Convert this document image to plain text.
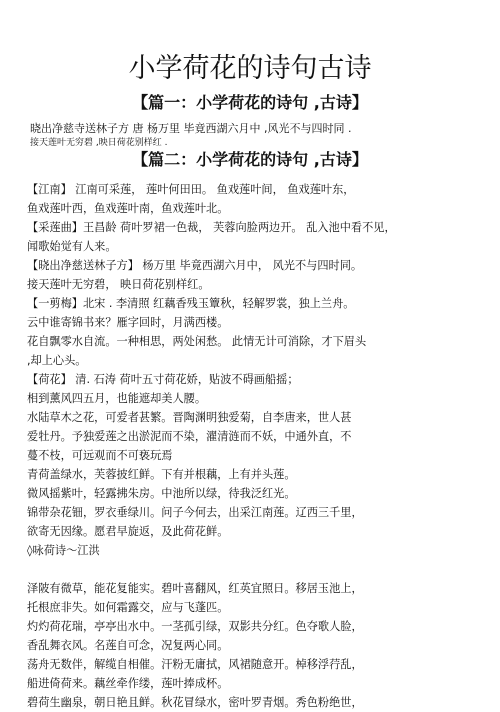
小学荷花的诗句古诗
【篇一：小学荷花的诗句 ,古诗】
晓出净慈寺送林子方 唐 杨万里 毕竟西湖六月中 ,风光不与四时同 .
接天莲叶无穷碧 ,映日荷花别样红 .
【篇二：小学荷花的诗句 ,古诗】
【江南】 江南可采莲， 莲叶何田田。 鱼戏莲叶间， 鱼戏莲叶东，
鱼戏莲叶西，鱼戏莲叶南，鱼戏莲叶北。
【采莲曲】王昌龄 荷叶罗裙一色裁， 芙蓉向脸两边开。 乱入池中看不见，
闻歌始觉有人来。
【晓出净慈送林子方】 杨万里 毕竟西湖六月中， 风光不与四时同。
接天莲叶无穷碧， 映日荷花别样红。
【一剪梅】北宋 . 李清照 红藕香残玉簟秋，轻解罗裳，独上兰舟。
云中谁寄锦书来？雁字回时，月满西楼。
花自飘零水自流。一种相思，两处闲愁。 此情无计可消除，才下眉头
,却上心头。
【荷花】 清. 石涛 荷叶五寸荷花娇，贴波不碍画船摇；
相到薰风四五月，也能遮却美人腰。
水陆草木之花，可爱者甚繁。晋陶渊明独爱菊，自李唐来，世人甚
爱牡丹。予独爱莲之出淤泥而不染，濯清涟而不妖，中通外直，不
蔓不枝，可远观而不可亵玩焉
青荷盖绿水，芙蓉披红鲜。下有并根藕，上有并头莲。
微风摇紫叶，轻露拂朱房。中池所以绿，待我泛红光。
锦带杂花钿，罗衣垂绿川。问子今何去，出采江南莲。辽西三千里，
欲寄无因缘。愿君早旋返，及此荷花鲜。
◊咏荷诗～江洪
泽陂有微草，能花复能实。碧叶喜翻风，红英宜照日。移居玉池上，
托根庶非失。如何霜露交，应与飞蓬匹。
灼灼荷花瑞，亭亭出水中。一茎孤引绿，双影共分红。色夺歌人脸，
香乱舞衣风。名莲自可念，况复两心同。
荡舟无数伴，解缆自相催。汗粉无庸拭，风裙随意开。棹移浮荇乱，
船进倚荷来。藕丝牵作缕，莲叶捧成杯。
碧荷生幽泉，朝日艳且鲜。秋花冒绿水，密叶罗青烟。秀色粉绝世，
